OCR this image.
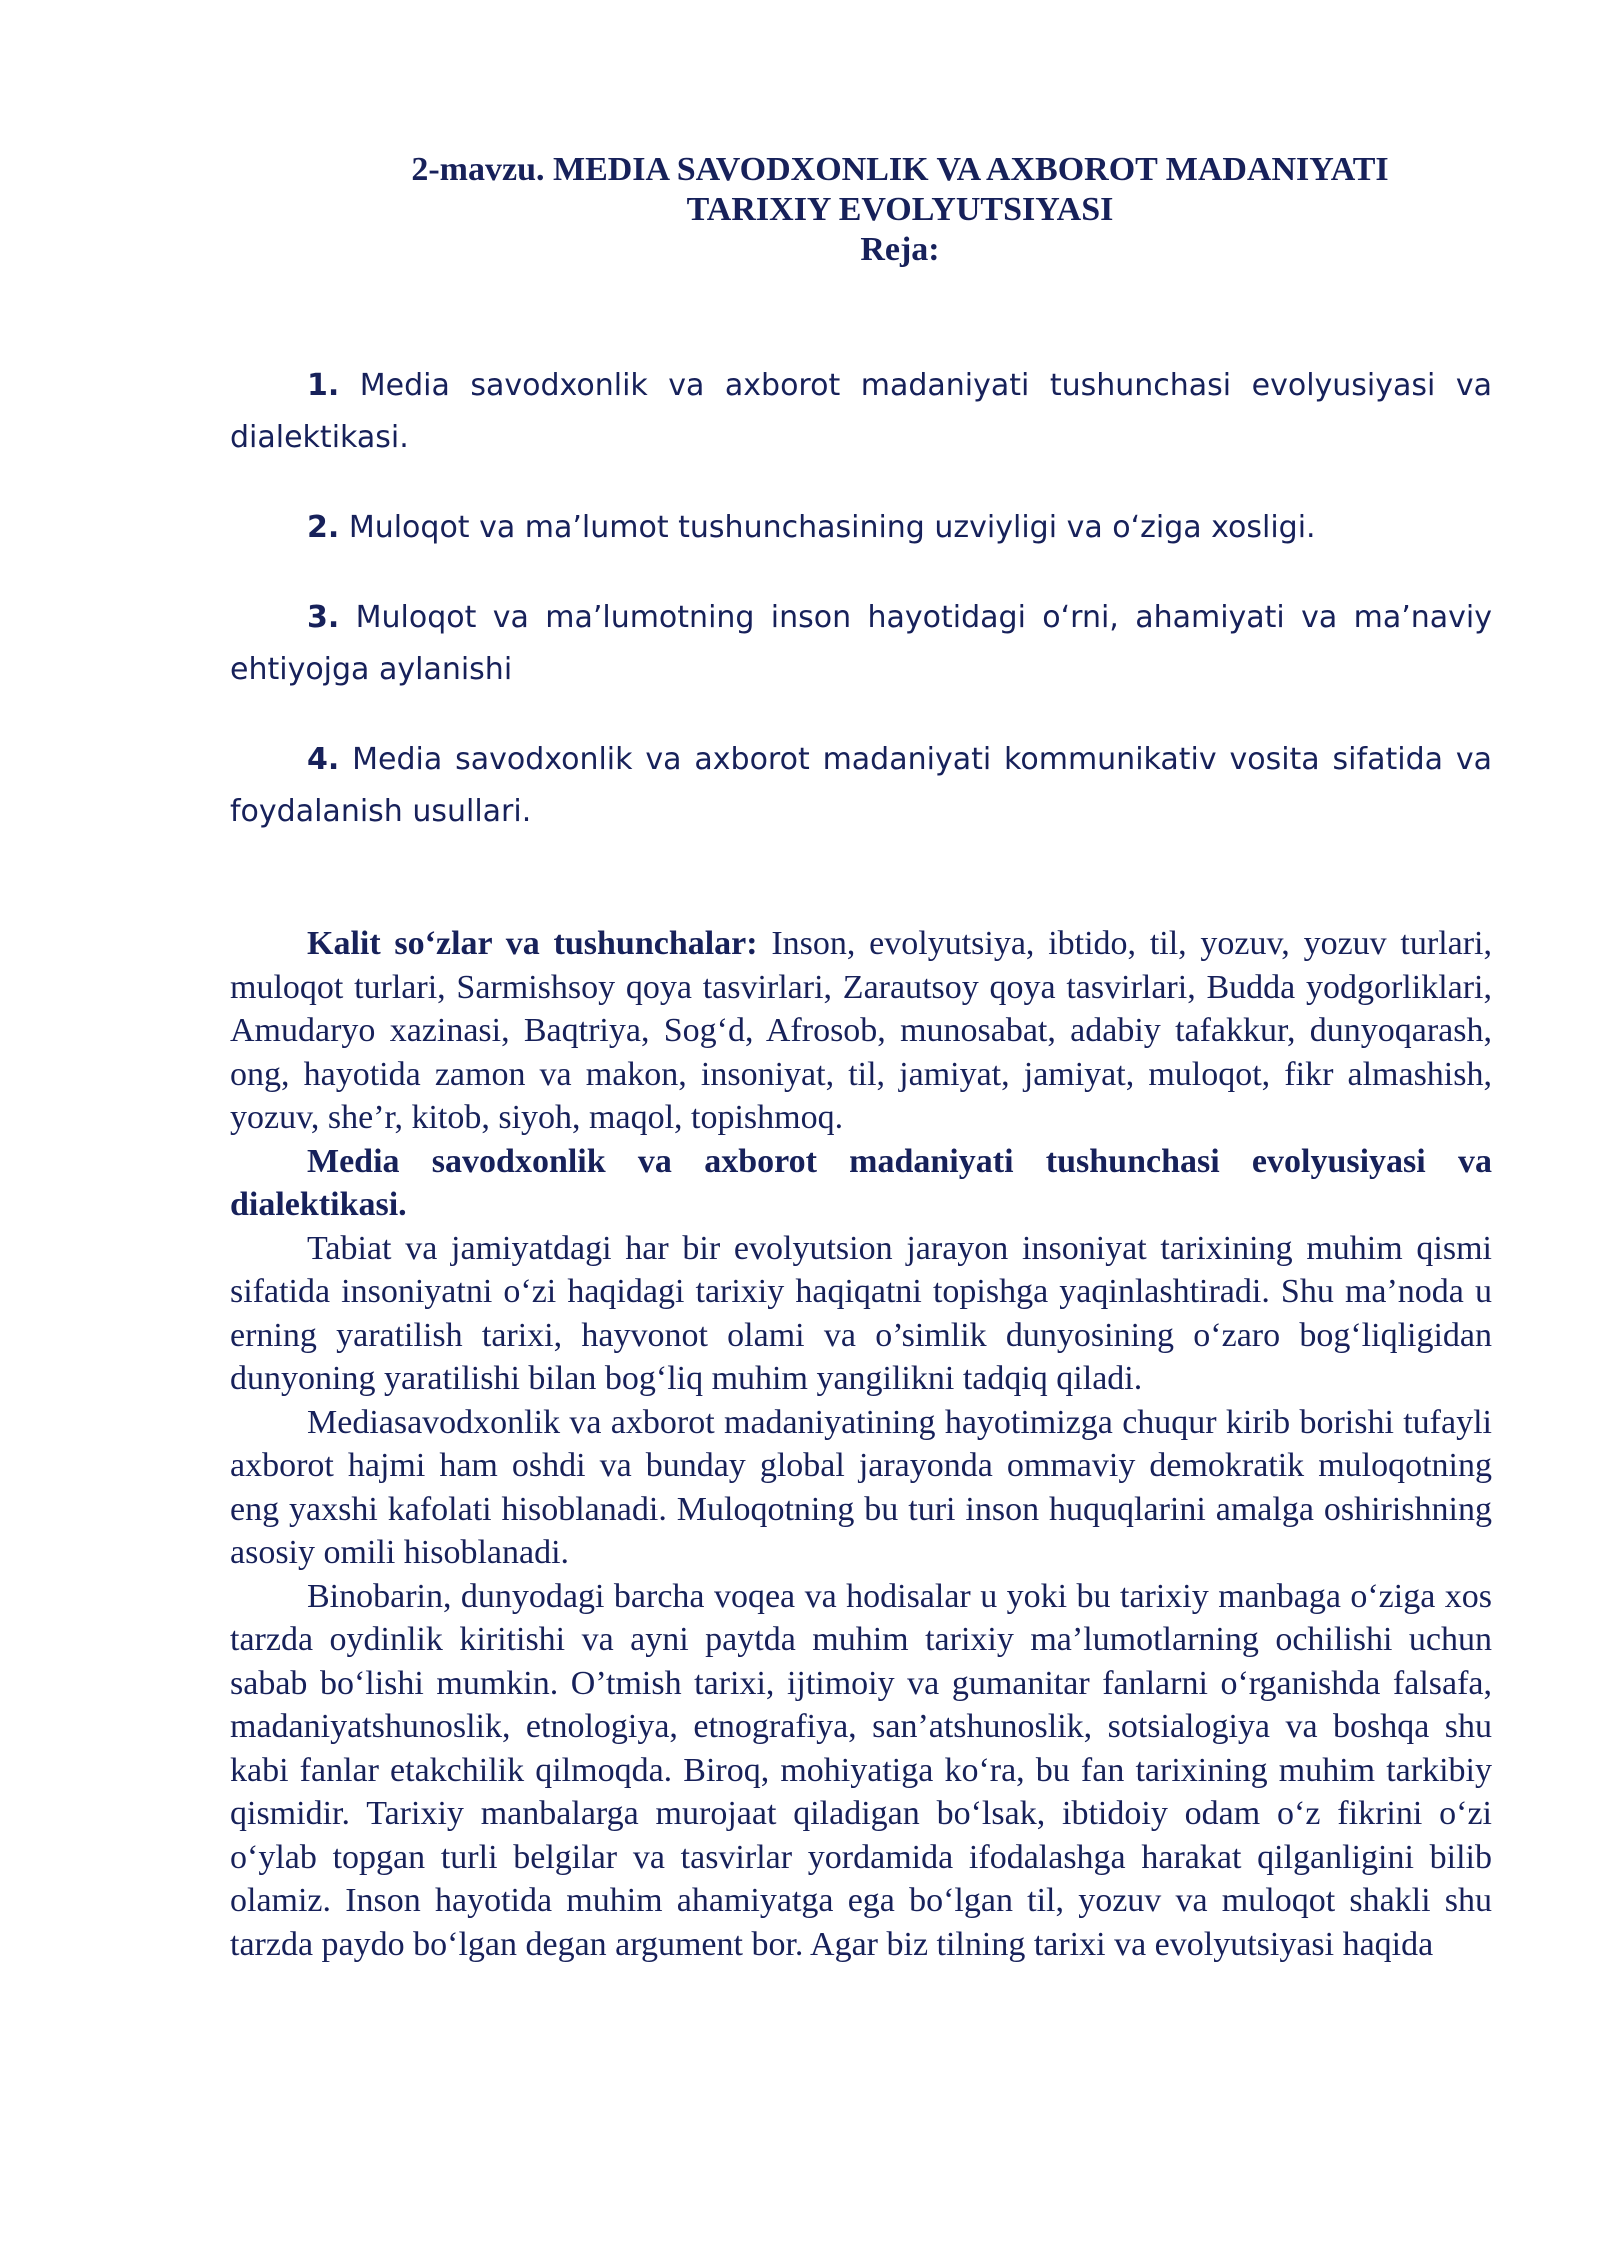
2-mavzu. MEDIA SAVODXONLIK VA AXBOROT MADANIYATI
TARIXIY EVOLYUTSIYASI
Reja:

1. Media savodxonlik va axborot madaniyati tushunchasi evolyusiyasi va dialektikasi.

2. Muloqot va ma’lumot tushunchasining uzviyligi va o‘ziga xosligi.

3. Muloqot va ma’lumotning inson hayotidagi o‘rni, ahamiyati va ma’naviy ehtiyojga aylanishi

4. Media savodxonlik va axborot madaniyati kommunikativ vosita sifatida va foydalanish usullari.

Kalit so‘zlar va tushunchalar: Inson, evolyutsiya, ibtido, til, yozuv, yozuv turlari, muloqot turlari, Sarmishsoy qoya tasvirlari, Zarautsoy qoya tasvirlari, Budda yodgorliklari, Amudaryo xazinasi, Baqtriya, Sog‘d, Afrosob, munosabat, adabiy tafakkur, dunyoqarash, ong, hayotida zamon va makon, insoniyat, til, jamiyat, jamiyat, muloqot, fikr almashish, yozuv, she’r, kitob, siyoh, maqol, topishmoq.

Media savodxonlik va axborot madaniyati tushunchasi evolyusiyasi va dialektikasi.

Tabiat va jamiyatdagi har bir evolyutsion jarayon insoniyat tarixining muhim qismi sifatida insoniyatni o‘zi haqidagi tarixiy haqiqatni topishga yaqinlashtiradi. Shu ma’noda u erning yaratilish tarixi, hayvonot olami va o’simlik dunyosining o‘zaro bog‘liqligidan dunyoning yaratilishi bilan bog‘liq muhim yangilikni tadqiq qiladi.

Mediasavodxonlik va axborot madaniyatining hayotimizga chuqur kirib borishi tufayli axborot hajmi ham oshdi va bunday global jarayonda ommaviy demokratik muloqotning eng yaxshi kafolati hisoblanadi. Muloqotning bu turi inson huquqlarini amalga oshirishning asosiy omili hisoblanadi.

Binobarin, dunyodagi barcha voqea va hodisalar u yoki bu tarixiy manbaga o‘ziga xos tarzda oydinlik kiritishi va ayni paytda muhim tarixiy ma’lumotlarning ochilishi uchun sabab bo‘lishi mumkin. O’tmish tarixi, ijtimoiy va gumanitar fanlarni o‘rganishda falsafa, madaniyatshunoslik, etnologiya, etnografiya, san’atshunoslik, sotsialogiya va boshqa shu kabi fanlar etakchilik qilmoqda. Biroq, mohiyatiga ko‘ra, bu fan tarixining muhim tarkibiy qismidir. Tarixiy manbalarga murojaat qiladigan bo‘lsak, ibtidoiy odam o‘z fikrini o‘zi o‘ylab topgan turli belgilar va tasvirlar yordamida ifodalashga harakat qilganligini bilib olamiz. Inson hayotida muhim ahamiyatga ega bo‘lgan til, yozuv va muloqot shakli shu tarzda paydo bo‘lgan degan argument bor. Agar biz tilning tarixi va evolyutsiyasi haqida
